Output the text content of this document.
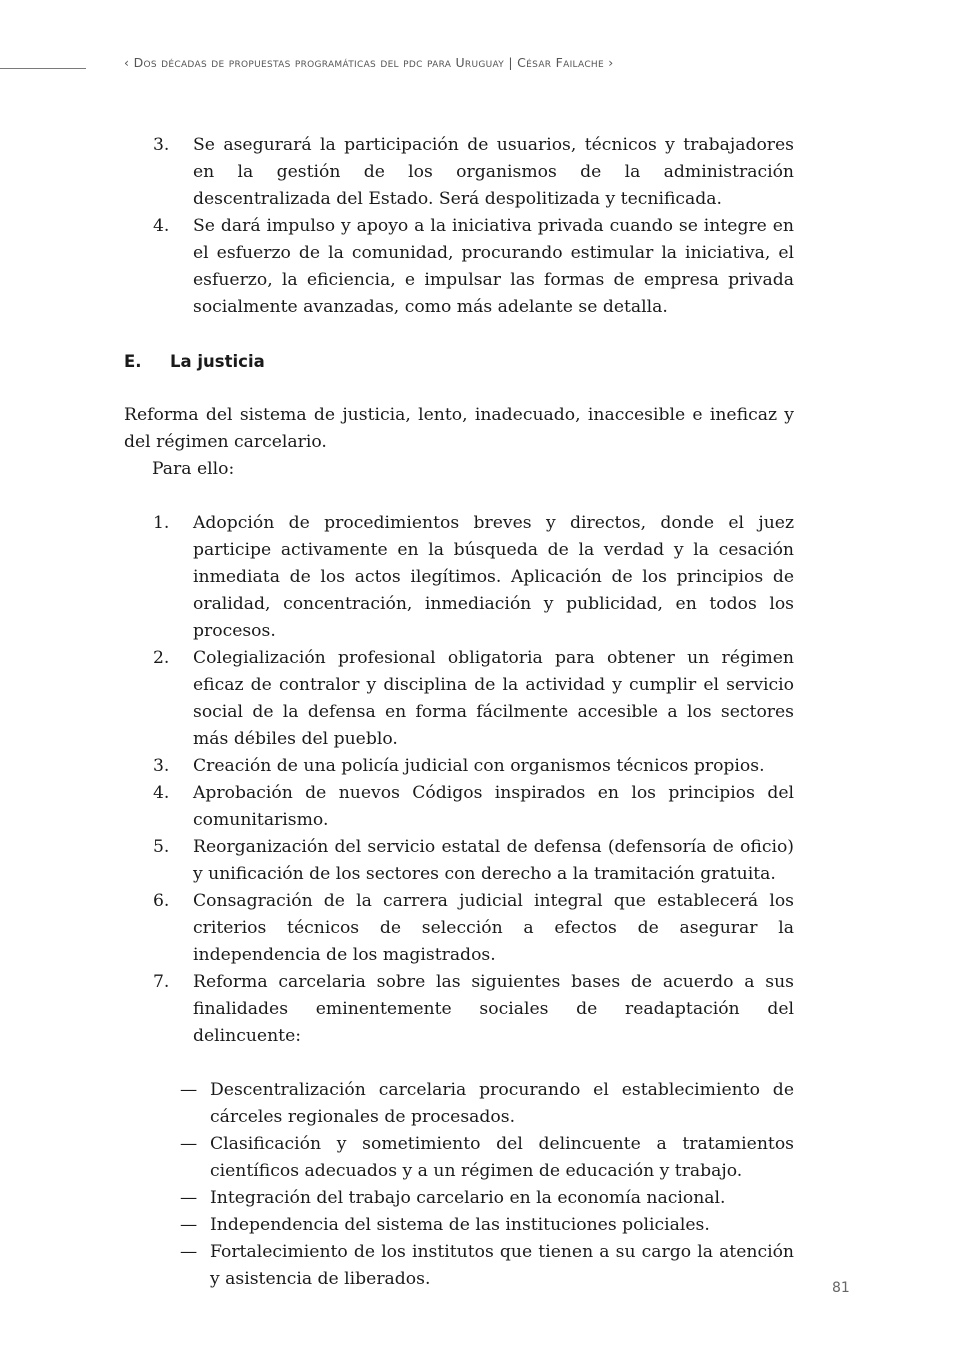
‹ Dos décadas de propuestas programáticas del pdc para Uruguay | César Failache ›
3.	Se asegurará la participación de usuarios, técnicos y trabajadores en la gestión de los organismos de la administración descentralizada del Estado. Será despolitizada y tecnificada.
4.	Se dará impulso y apoyo a la iniciativa privada cuando se integre en el esfuerzo de la comunidad, procurando estimular la iniciativa, el esfuerzo, la eficiencia, e impulsar las formas de empresa privada socialmente avanzadas, como más adelante se detalla.
E.	La justicia
Reforma del sistema de justicia, lento, inadecuado, inaccesible e ineficaz y del régimen carcelario.
Para ello:
1.	Adopción de procedimientos breves y directos, donde el juez participe activamente en la búsqueda de la verdad y la cesación inmediata de los actos ilegítimos. Aplicación de los principios de oralidad, concentración, inmediación y publicidad, en todos los procesos.
2.	Colegialización profesional obligatoria para obtener un régimen eficaz de contralor y disciplina de la actividad y cumplir el servicio social de la defensa en forma fácilmente accesible a los sectores más débiles del pueblo.
3.	Creación de una policía judicial con organismos técnicos propios.
4.	Aprobación de nuevos Códigos inspirados en los principios del comunitarismo.
5.	Reorganización del servicio estatal de defensa (defensoría de oficio) y unificación de los sectores con derecho a la tramitación gratuita.
6.	Consagración de la carrera judicial integral que establecerá los criterios técnicos de selección a efectos de asegurar la independencia de los magistrados.
7.	Reforma carcelaria sobre las siguientes bases de acuerdo a sus finalidades eminentemente sociales de readaptación del delincuente:
— Descentralización carcelaria procurando el establecimiento de cárceles regionales de procesados.
— Clasificación y sometimiento del delincuente a tratamientos científicos adecuados y a un régimen de educación y trabajo.
— Integración del trabajo carcelario en la economía nacional.
— Independencia del sistema de las instituciones policiales.
— Fortalecimiento de los institutos que tienen a su cargo la atención y asistencia de liberados.	81
